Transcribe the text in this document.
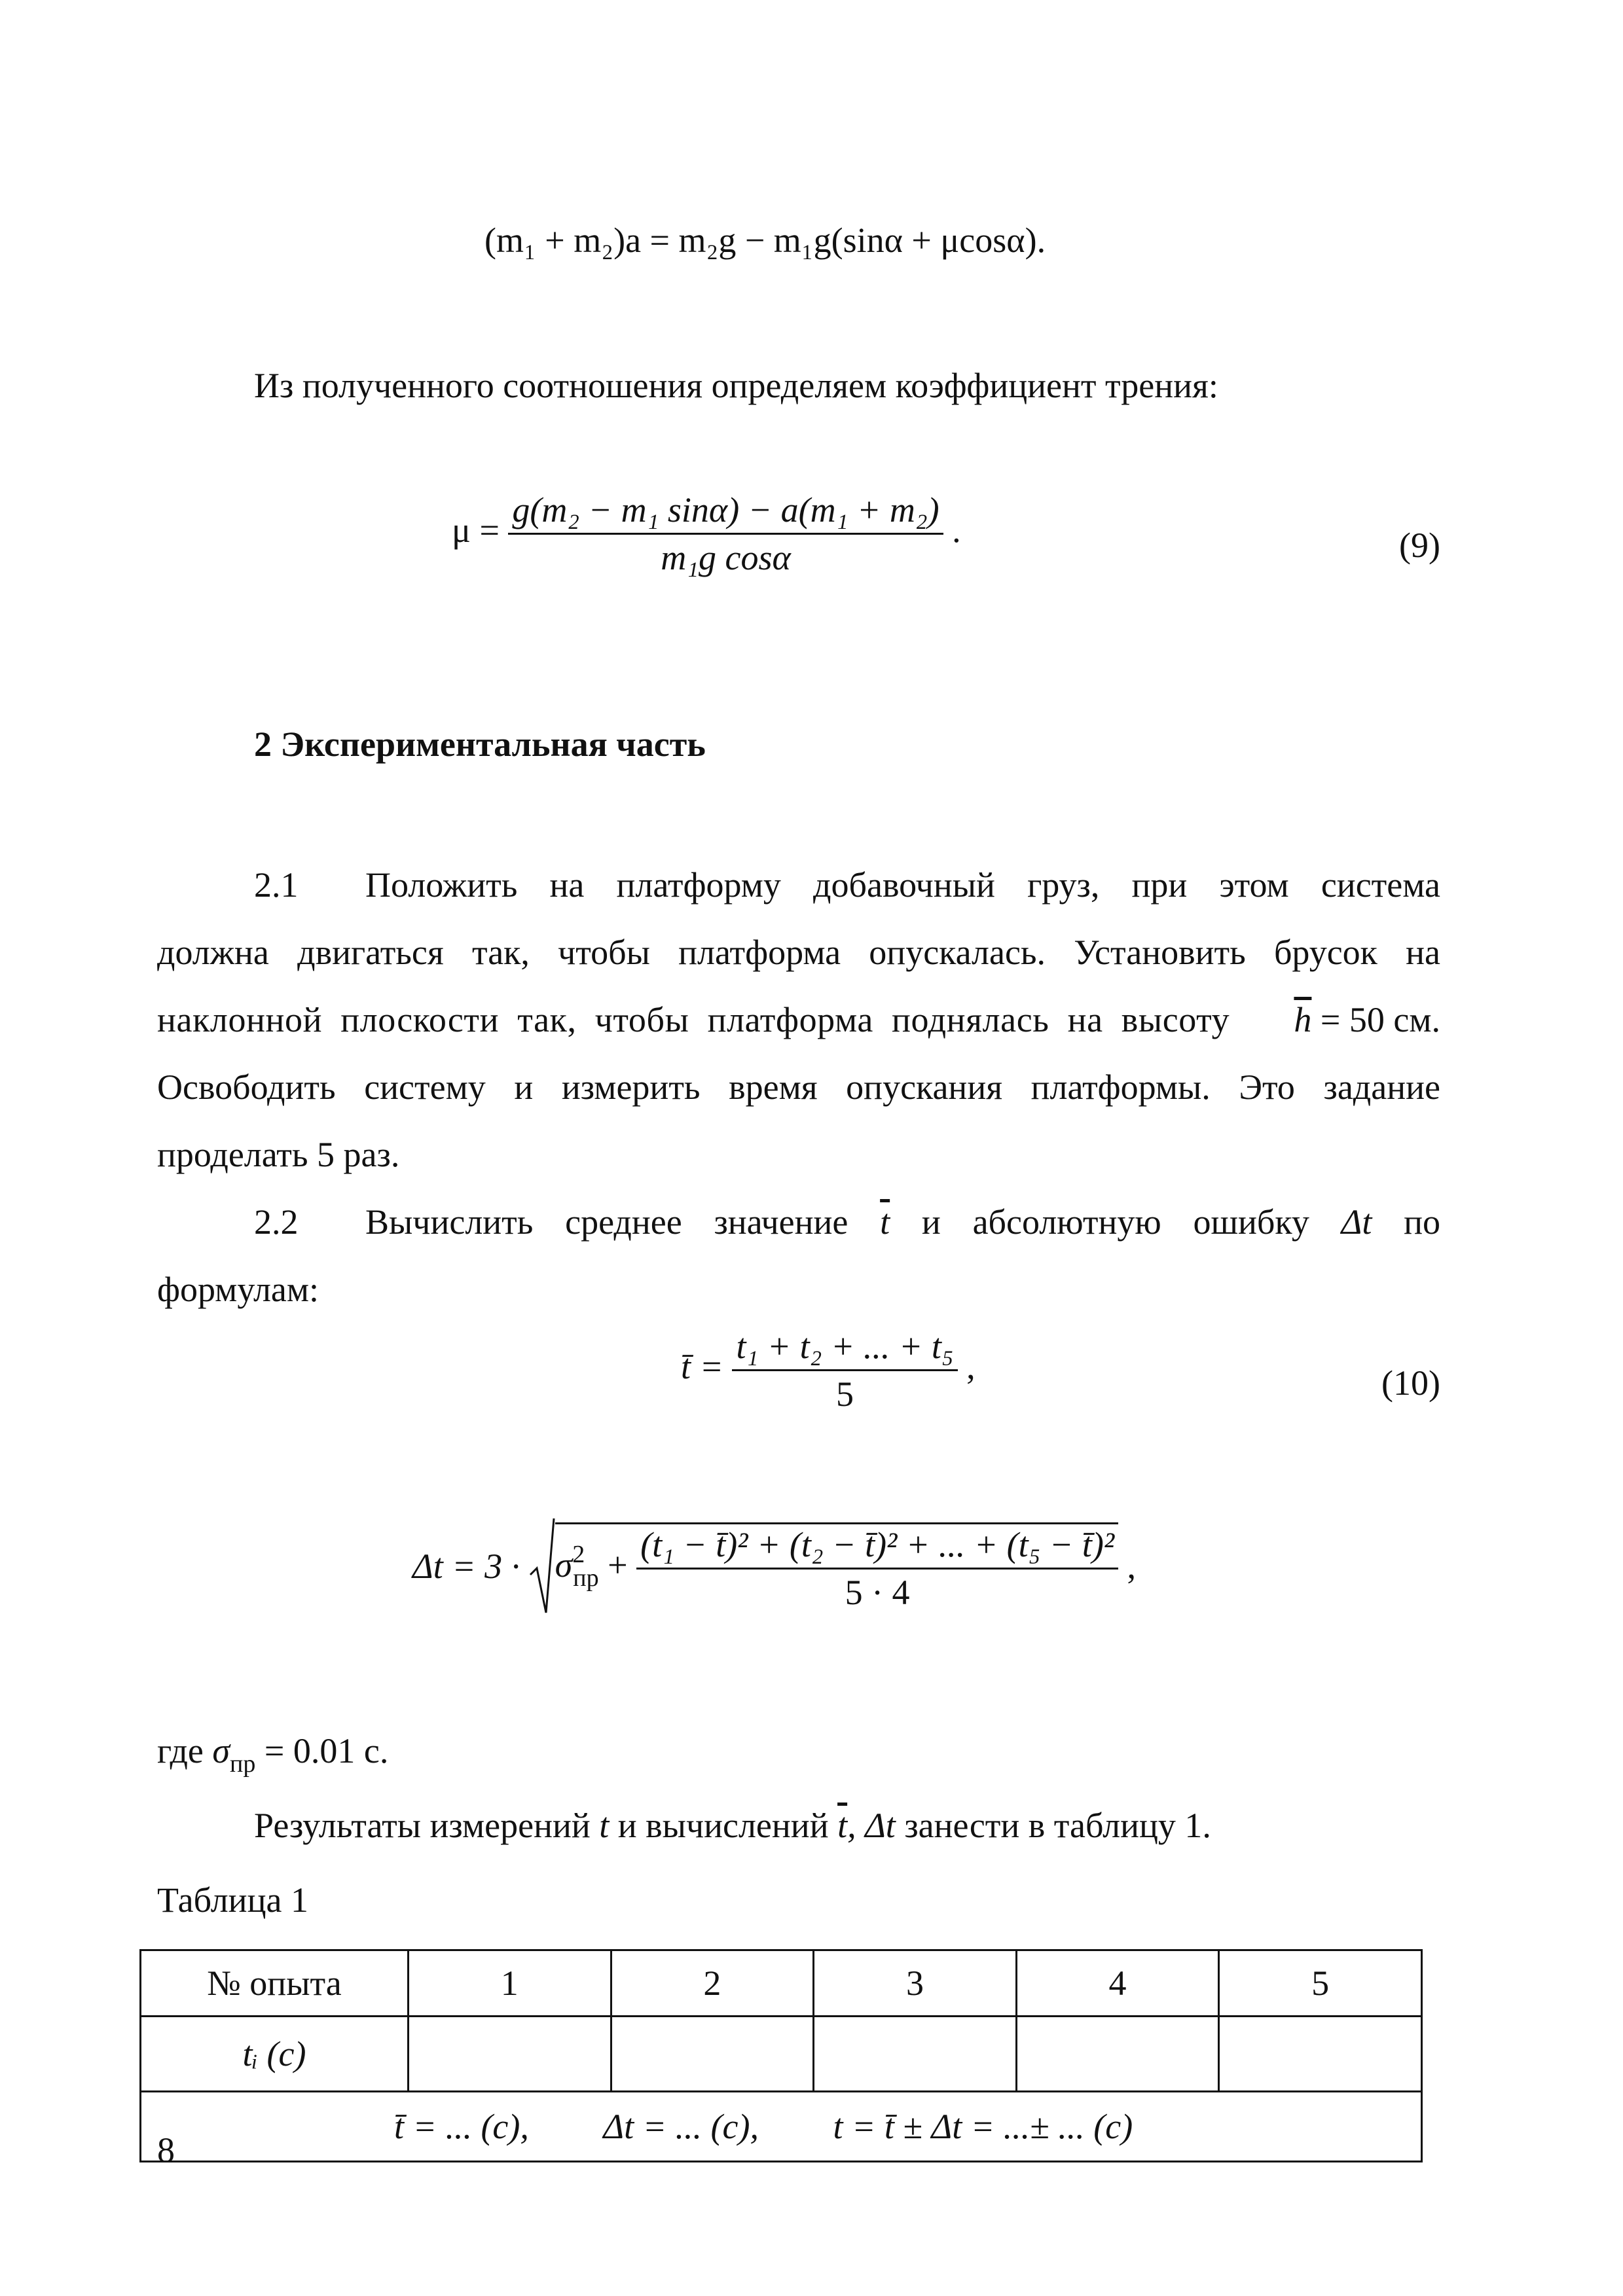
(m₁ + m₂)a = m₂g − m₁g(sinα + μcosα).
Из полученного соотношения определяем коэффициент трения:
$\mu = \frac{\text{g(m₂ − m₁ sinα) − a(m₁ + m₂)}}{\text{m₁g cosα}}$ .	(9)
2 Экспериментальная часть
2.1 Положить на платформу добавочный груз, при этом система
должна двигаться так, чтобы платформа опускалась. Установить брусок на
наклонной плоскости так, чтобы платформа поднялась на высоту $\overline{h} = 50$ см.
Освободить систему и измерить время опускания платформы. Это задание
проделать 5 раз.
2.2 Вычислить среднее значение $\overline{t}$ и абсолютную ошибку Δt по
формулам:
t̄ = $\frac{\text{t₁ + t₂ + ... + t₅}}{5}$ ,	(10)
$\Delta t = 3 \cdot \sigma^2_{пр} + \frac{\text{(t₁ − t̄)² + (t₂ − t̄)² + ... + (t₅ − t̄)²}}{5 \cdot 4}$ ,
где $\sigma_{пр} = 0.01$ с.
Результаты измерений t и вычислений $\overline{t}$, Δt занести в таблицу 1.
Таблица 1
№ опыта	1	2	3	4	5
tᵢ (с)					
t̄ = ... (с), Δt = ... (с), t = t̄ ± Δt = ...± ... (с)					
8
